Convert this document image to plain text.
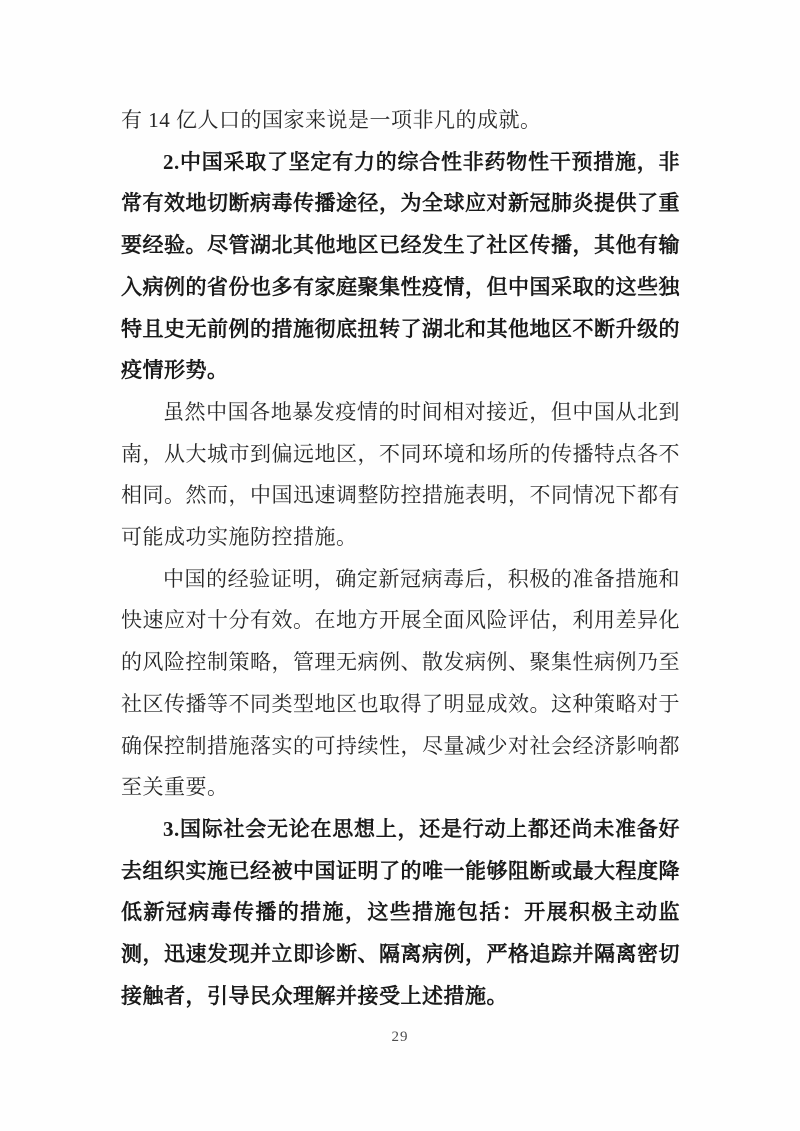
有 14 亿人口的国家来说是一项非凡的成就。

2.中国采取了坚定有力的综合性非药物性干预措施，非常有效地切断病毒传播途径，为全球应对新冠肺炎提供了重要经验。尽管湖北其他地区已经发生了社区传播，其他有输入病例的省份也多有家庭聚集性疫情，但中国采取的这些独特且史无前例的措施彻底扭转了湖北和其他地区不断升级的疫情形势。

虽然中国各地暴发疫情的时间相对接近，但中国从北到南，从大城市到偏远地区，不同环境和场所的传播特点各不相同。然而，中国迅速调整防控措施表明，不同情况下都有可能成功实施防控措施。

中国的经验证明，确定新冠病毒后，积极的准备措施和快速应对十分有效。在地方开展全面风险评估，利用差异化的风险控制策略，管理无病例、散发病例、聚集性病例乃至社区传播等不同类型地区也取得了明显成效。这种策略对于确保控制措施落实的可持续性，尽量减少对社会经济影响都至关重要。

3.国际社会无论在思想上，还是行动上都还尚未准备好去组织实施已经被中国证明了的唯一能够阻断或最大程度降低新冠病毒传播的措施，这些措施包括：开展积极主动监测，迅速发现并立即诊断、隔离病例，严格追踪并隔离密切接触者，引导民众理解并接受上述措施。

29
